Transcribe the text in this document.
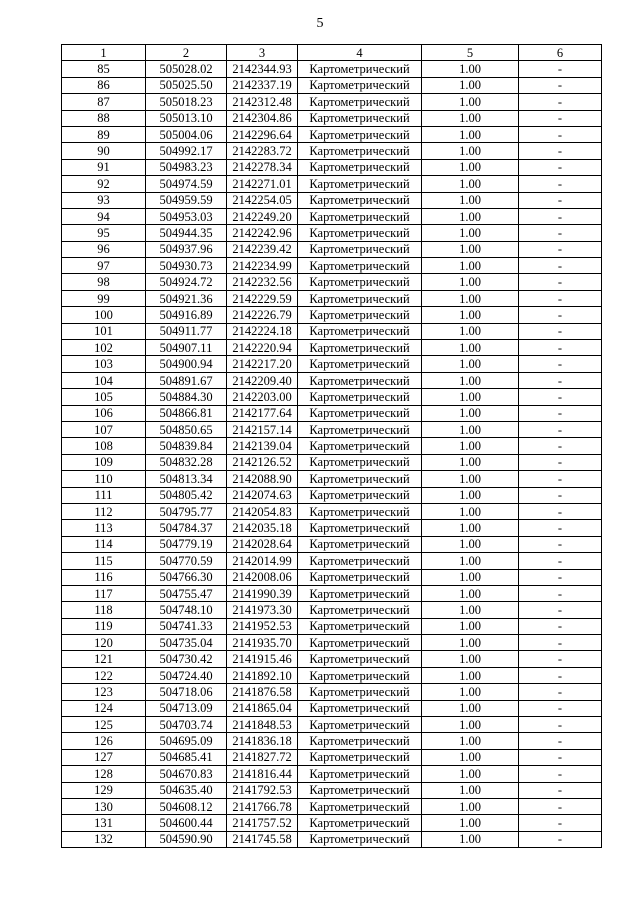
5
1	2	3	4	5	6
85	505028.02	2142344.93	Картометрический	1.00	-
86	505025.50	2142337.19	Картометрический	1.00	-
87	505018.23	2142312.48	Картометрический	1.00	-
88	505013.10	2142304.86	Картометрический	1.00	-
89	505004.06	2142296.64	Картометрический	1.00	-
90	504992.17	2142283.72	Картометрический	1.00	-
91	504983.23	2142278.34	Картометрический	1.00	-
92	504974.59	2142271.01	Картометрический	1.00	-
93	504959.59	2142254.05	Картометрический	1.00	-
94	504953.03	2142249.20	Картометрический	1.00	-
95	504944.35	2142242.96	Картометрический	1.00	-
96	504937.96	2142239.42	Картометрический	1.00	-
97	504930.73	2142234.99	Картометрический	1.00	-
98	504924.72	2142232.56	Картометрический	1.00	-
99	504921.36	2142229.59	Картометрический	1.00	-
100	504916.89	2142226.79	Картометрический	1.00	-
101	504911.77	2142224.18	Картометрический	1.00	-
102	504907.11	2142220.94	Картометрический	1.00	-
103	504900.94	2142217.20	Картометрический	1.00	-
104	504891.67	2142209.40	Картометрический	1.00	-
105	504884.30	2142203.00	Картометрический	1.00	-
106	504866.81	2142177.64	Картометрический	1.00	-
107	504850.65	2142157.14	Картометрический	1.00	-
108	504839.84	2142139.04	Картометрический	1.00	-
109	504832.28	2142126.52	Картометрический	1.00	-
110	504813.34	2142088.90	Картометрический	1.00	-
111	504805.42	2142074.63	Картометрический	1.00	-
112	504795.77	2142054.83	Картометрический	1.00	-
113	504784.37	2142035.18	Картометрический	1.00	-
114	504779.19	2142028.64	Картометрический	1.00	-
115	504770.59	2142014.99	Картометрический	1.00	-
116	504766.30	2142008.06	Картометрический	1.00	-
117	504755.47	2141990.39	Картометрический	1.00	-
118	504748.10	2141973.30	Картометрический	1.00	-
119	504741.33	2141952.53	Картометрический	1.00	-
120	504735.04	2141935.70	Картометрический	1.00	-
121	504730.42	2141915.46	Картометрический	1.00	-
122	504724.40	2141892.10	Картометрический	1.00	-
123	504718.06	2141876.58	Картометрический	1.00	-
124	504713.09	2141865.04	Картометрический	1.00	-
125	504703.74	2141848.53	Картометрический	1.00	-
126	504695.09	2141836.18	Картометрический	1.00	-
127	504685.41	2141827.72	Картометрический	1.00	-
128	504670.83	2141816.44	Картометрический	1.00	-
129	504635.40	2141792.53	Картометрический	1.00	-
130	504608.12	2141766.78	Картометрический	1.00	-
131	504600.44	2141757.52	Картометрический	1.00	-
132	504590.90	2141745.58	Картометрический	1.00	-
